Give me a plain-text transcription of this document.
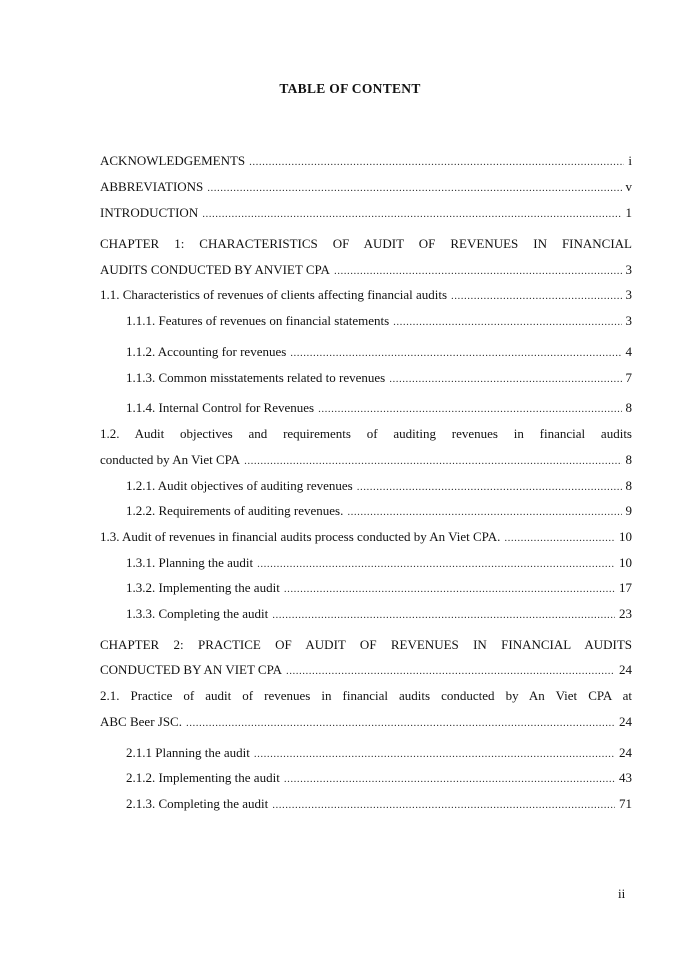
TABLE OF CONTENT
ACKNOWLEDGEMENTS .....	i
ABBREVIATIONS .....	v
INTRODUCTION .....	1
CHAPTER 1: CHARACTERISTICS OF AUDIT OF REVENUES IN FINANCIAL
AUDITS CONDUCTED BY ANVIET CPA .....	3
1.1. Characteristics of revenues of clients affecting financial audits .....	3
1.1.1. Features of revenues on financial statements .....	3
1.1.2. Accounting for revenues .....	4
1.1.3. Common misstatements related to revenues .....	7
1.1.4. Internal Control for Revenues .....	8
1.2. Audit objectives and requirements of auditing revenues in financial audits
conducted by An Viet CPA .....	8
1.2.1. Audit objectives of auditing revenues .....	8
1.2.2. Requirements of auditing revenues. .....	9
1.3. Audit of revenues in financial audits process conducted by An Viet CPA. .....	10
1.3.1. Planning the audit .....	10
1.3.2. Implementing the audit .....	17
1.3.3. Completing the audit .....	23
CHAPTER 2: PRACTICE OF AUDIT OF REVENUES IN FINANCIAL AUDITS
CONDUCTED BY AN VIET CPA .....	24
2.1. Practice of audit of revenues in financial audits conducted by An Viet CPA at
ABC Beer JSC. .....	24
2.1.1 Planning the audit .....	24
2.1.2. Implementing the audit .....	43
2.1.3. Completing the audit .....	71
ii
